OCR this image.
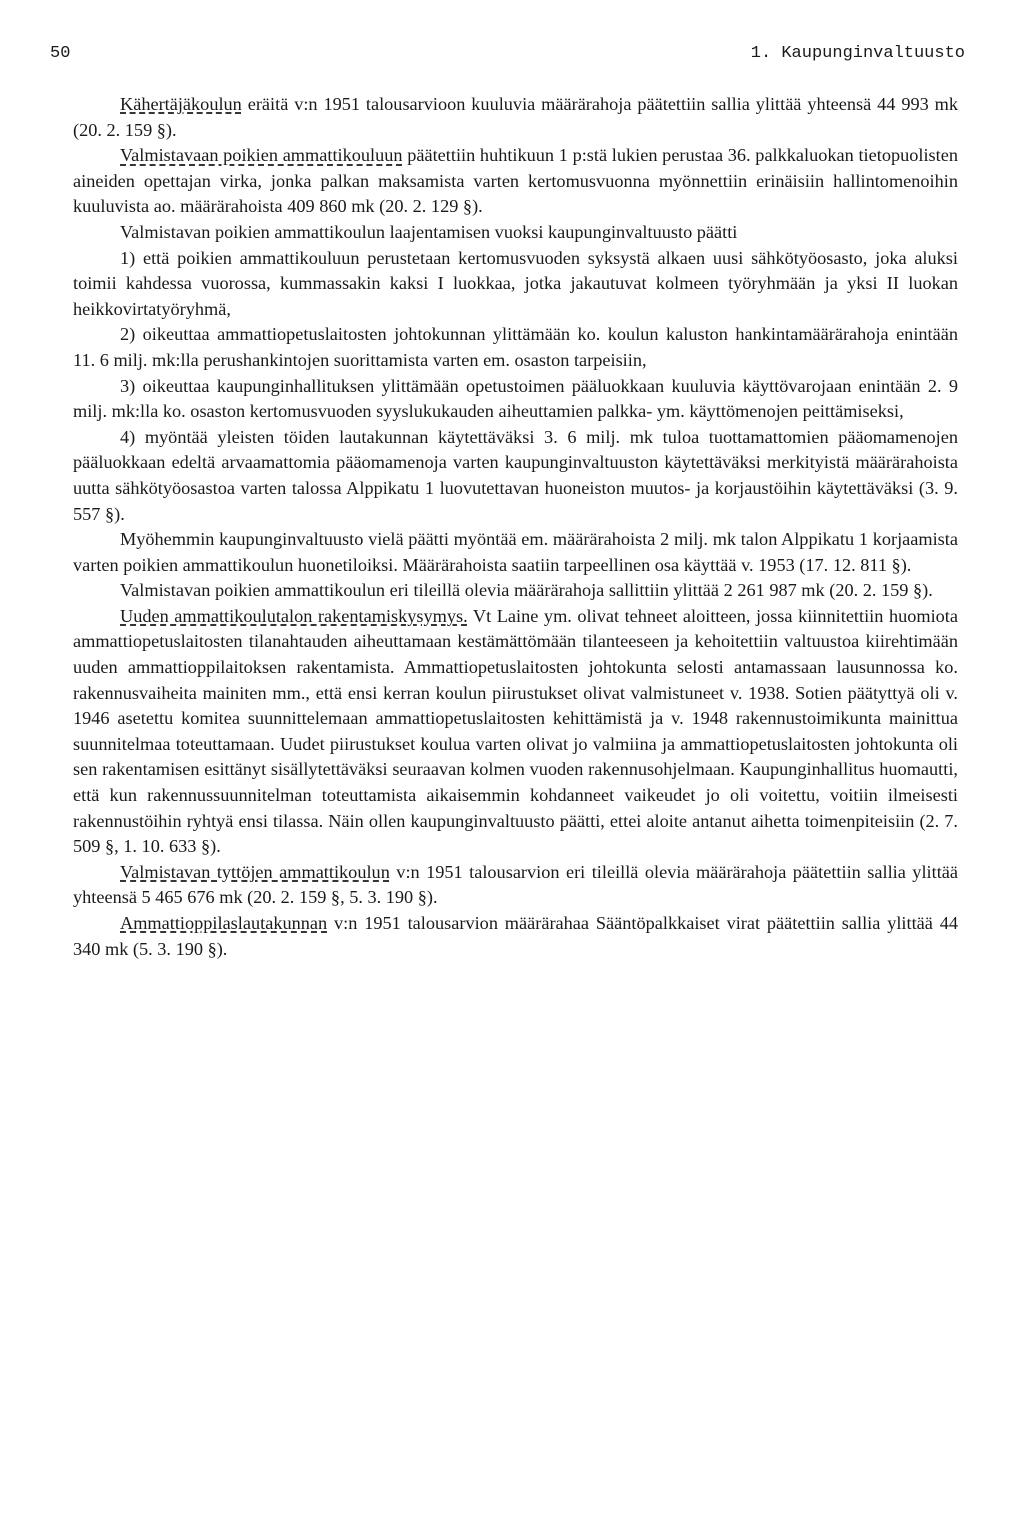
50	1. Kaupunginvaltuusto

Kähertäjäkoulun eräitä v:n 1951 talousarvioon kuuluvia määrärahoja päätettiin sallia ylittää yhteensä 44 993 mk (20. 2. 159 §).

Valmistavaan poikien ammattikouluun päätettiin huhtikuun 1 p:stä lukien perustaa 36. palkkaluokan tietopuolisten aineiden opettajan virka, jonka palkan maksamista varten kertomusvuonna myönnettiin erinäisiin hallintomenoihin kuuluvista ao. määrärahoista 409 860 mk (20. 2. 129 §).

Valmistavan poikien ammattikoulun laajentamisen vuoksi kaupunginvaltuusto päätti

1) että poikien ammattikouluun perustetaan kertomusvuoden syksystä alkaen uusi sähkötyöosasto, joka aluksi toimii kahdessa vuorossa, kummassakin kaksi I luokkaa, jotka jakautuvat kolmeen työryhmään ja yksi II luokan heikkovirtatyöryhmä,

2) oikeuttaa ammattiopetuslaitosten johtokunnan ylittämään ko. koulun kaluston hankintamäärärahoja enintään 11. 6 milj. mk:lla perushankintojen suorittamista varten em. osaston tarpeisiin,

3) oikeuttaa kaupunginhallituksen ylittämään opetustoimen pääluokkaan kuuluvia käyttövarojaan enintään 2. 9 milj. mk:lla ko. osaston kertomusvuoden syyslukukauden aiheuttamien palkka- ym. käyttömenojen peittämiseksi,

4) myöntää yleisten töiden lautakunnan käytettäväksi 3. 6 milj. mk tuloa tuottamattomien pääomamenojen pääluokkaan edeltä arvaamattomia pääomamenoja varten kaupunginvaltuuston käytettäväksi merkityistä määrärahoista uutta sähkötyöosastoa varten talossa Alppikatu 1 luovutettavan huoneiston muutos- ja korjaustöihin käytettäväksi (3. 9. 557 §).

Myöhemmin kaupunginvaltuusto vielä päätti myöntää em. määrärahoista 2 milj. mk talon Alppikatu 1 korjaamista varten poikien ammattikoulun huonetiloiksi. Määrärahoista saatiin tarpeellinen osa käyttää v. 1953 (17. 12. 811 §).

Valmistavan poikien ammattikoulun eri tileillä olevia määrärahoja sallittiin ylittää 2 261 987 mk (20. 2. 159 §).

Uuden ammattikoulutalon rakentamiskysymys. Vt Laine ym. olivat tehneet aloitteen, jossa kiinnitettiin huomiota ammattiopetuslaitosten tilanahtauden aiheuttamaan kestämättömään tilanteeseen ja kehoitettiin valtuustoa kiirehtimään uuden ammattioppilaitoksen rakentamista. Ammattiopetuslaitosten johtokunta selosti antamassaan lausunnossa ko. rakennusvaiheita mainiten mm., että ensi kerran koulun piirustukset olivat valmistuneet v. 1938. Sotien päätyttyä oli v. 1946 asetettu komitea suunnittelemaan ammattiopetuslaitosten kehittämistä ja v. 1948 rakennustoimikunta mainittua suunnitelmaa toteuttamaan. Uudet piirustukset koulua varten olivat jo valmiina ja ammattiopetuslaitosten johtokunta oli sen rakentamisen esittänyt sisällytettäväksi seuraavan kolmen vuoden rakennusohjelmaan. Kaupunginhallitus huomautti, että kun rakennussuunnitelman toteuttamista aikaisemmin kohdanneet vaikeudet jo oli voitettu, voitiin ilmeisesti rakennustöihin ryhtyä ensi tilassa. Näin ollen kaupunginvaltuusto päätti, ettei aloite antanut aihetta toimenpiteisiin (2. 7. 509 §, 1. 10. 633 §).

Valmistavan tyttöjen ammattikoulun v:n 1951 talousarvion eri tileillä olevia määrärahoja päätettiin sallia ylittää yhteensä 5 465 676 mk (20. 2. 159 §, 5. 3. 190 §).

Ammattioppilaslautakunnan v:n 1951 talousarvion määrärahaa Sääntöpalkkaiset virat päätettiin sallia ylittää 44 340 mk (5. 3. 190 §).
